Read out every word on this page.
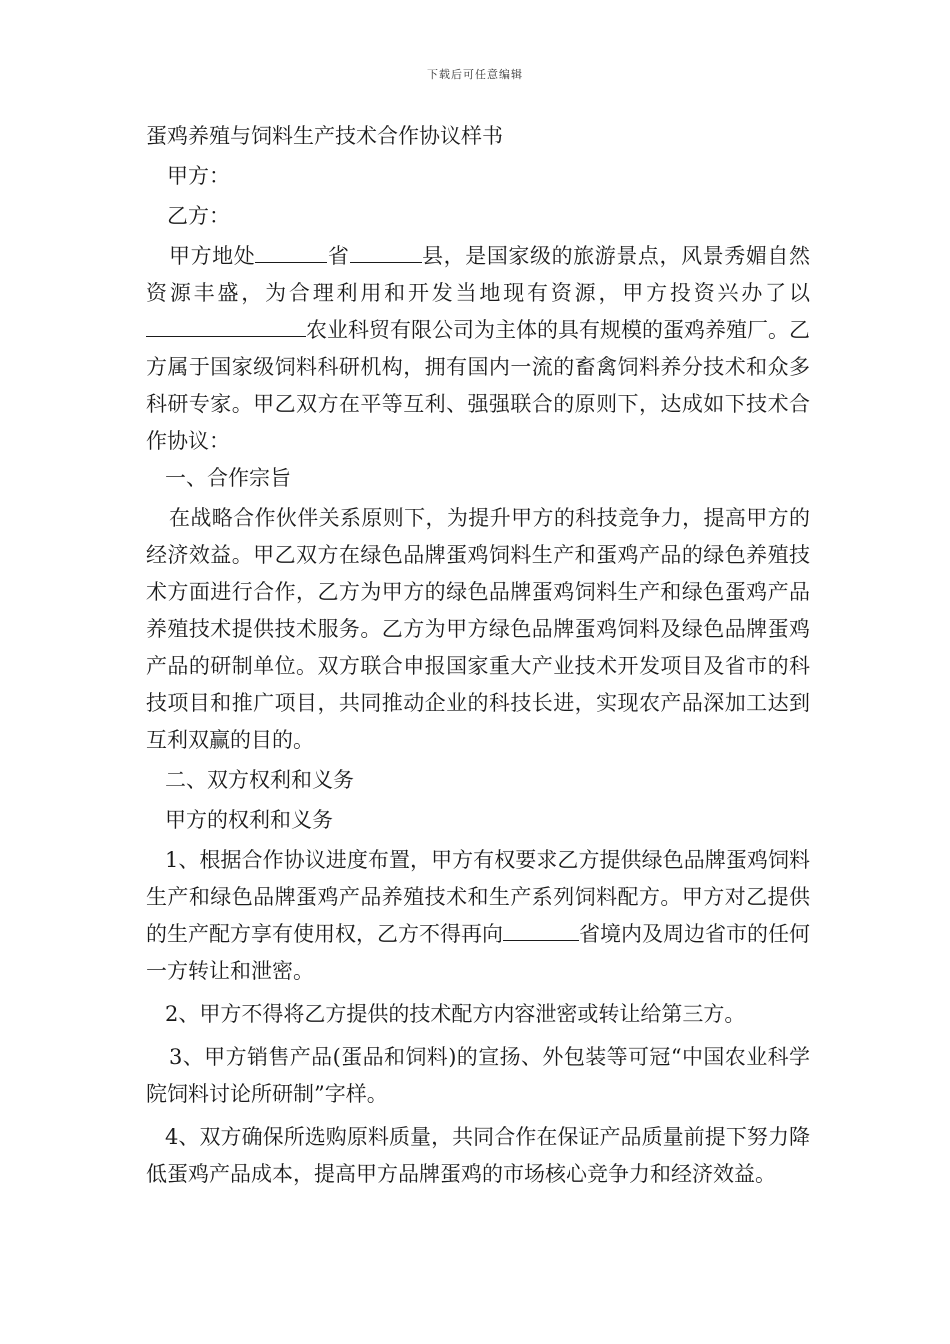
下载后可任意编辑

蛋鸡养殖与饲料生产技术合作协议样书

甲方：

乙方：

甲方地处	省	县，是国家级的旅游景点，风景秀媚自然资源丰盛，为合理利用和开发当地现有资源，甲方投资兴办了以农业科贸有限公司为主体的具有规模的蛋鸡养殖厂。乙方属于国家级饲料科研机构，拥有国内一流的畜禽饲料养分技术和众多科研专家。甲乙双方在平等互利、强强联合的原则下，达成如下技术合作协议：

一、合作宗旨

在战略合作伙伴关系原则下，为提升甲方的科技竞争力，提高甲方的经济效益。甲乙双方在绿色品牌蛋鸡饲料生产和蛋鸡产品的绿色养殖技术方面进行合作，乙方为甲方的绿色品牌蛋鸡饲料生产和绿色蛋鸡产品养殖技术提供技术服务。乙方为甲方绿色品牌蛋鸡饲料及绿色品牌蛋鸡产品的研制单位。双方联合申报国家重大产业技术开发项目及省市的科技项目和推广项目，共同推动企业的科技长进，实现农产品深加工达到互利双赢的目的。

二、双方权利和义务

甲方的权利和义务

1、根据合作协议进度布置，甲方有权要求乙方提供绿色品牌蛋鸡饲料生产和绿色品牌蛋鸡产品养殖技术和生产系列饲料配方。甲方对乙提供的生产配方享有使用权，乙方不得再向	省境内及周边省市的任何一方转让和泄密。

2、甲方不得将乙方提供的技术配方内容泄密或转让给第三方。

3、甲方销售产品(蛋品和饲料)的宣扬、外包装等可冠“中国农业科学院饲料讨论所研制”字样。

4、双方确保所选购原料质量，共同合作在保证产品质量前提下努力降低蛋鸡产品成本，提高甲方品牌蛋鸡的市场核心竞争力和经济效益。
